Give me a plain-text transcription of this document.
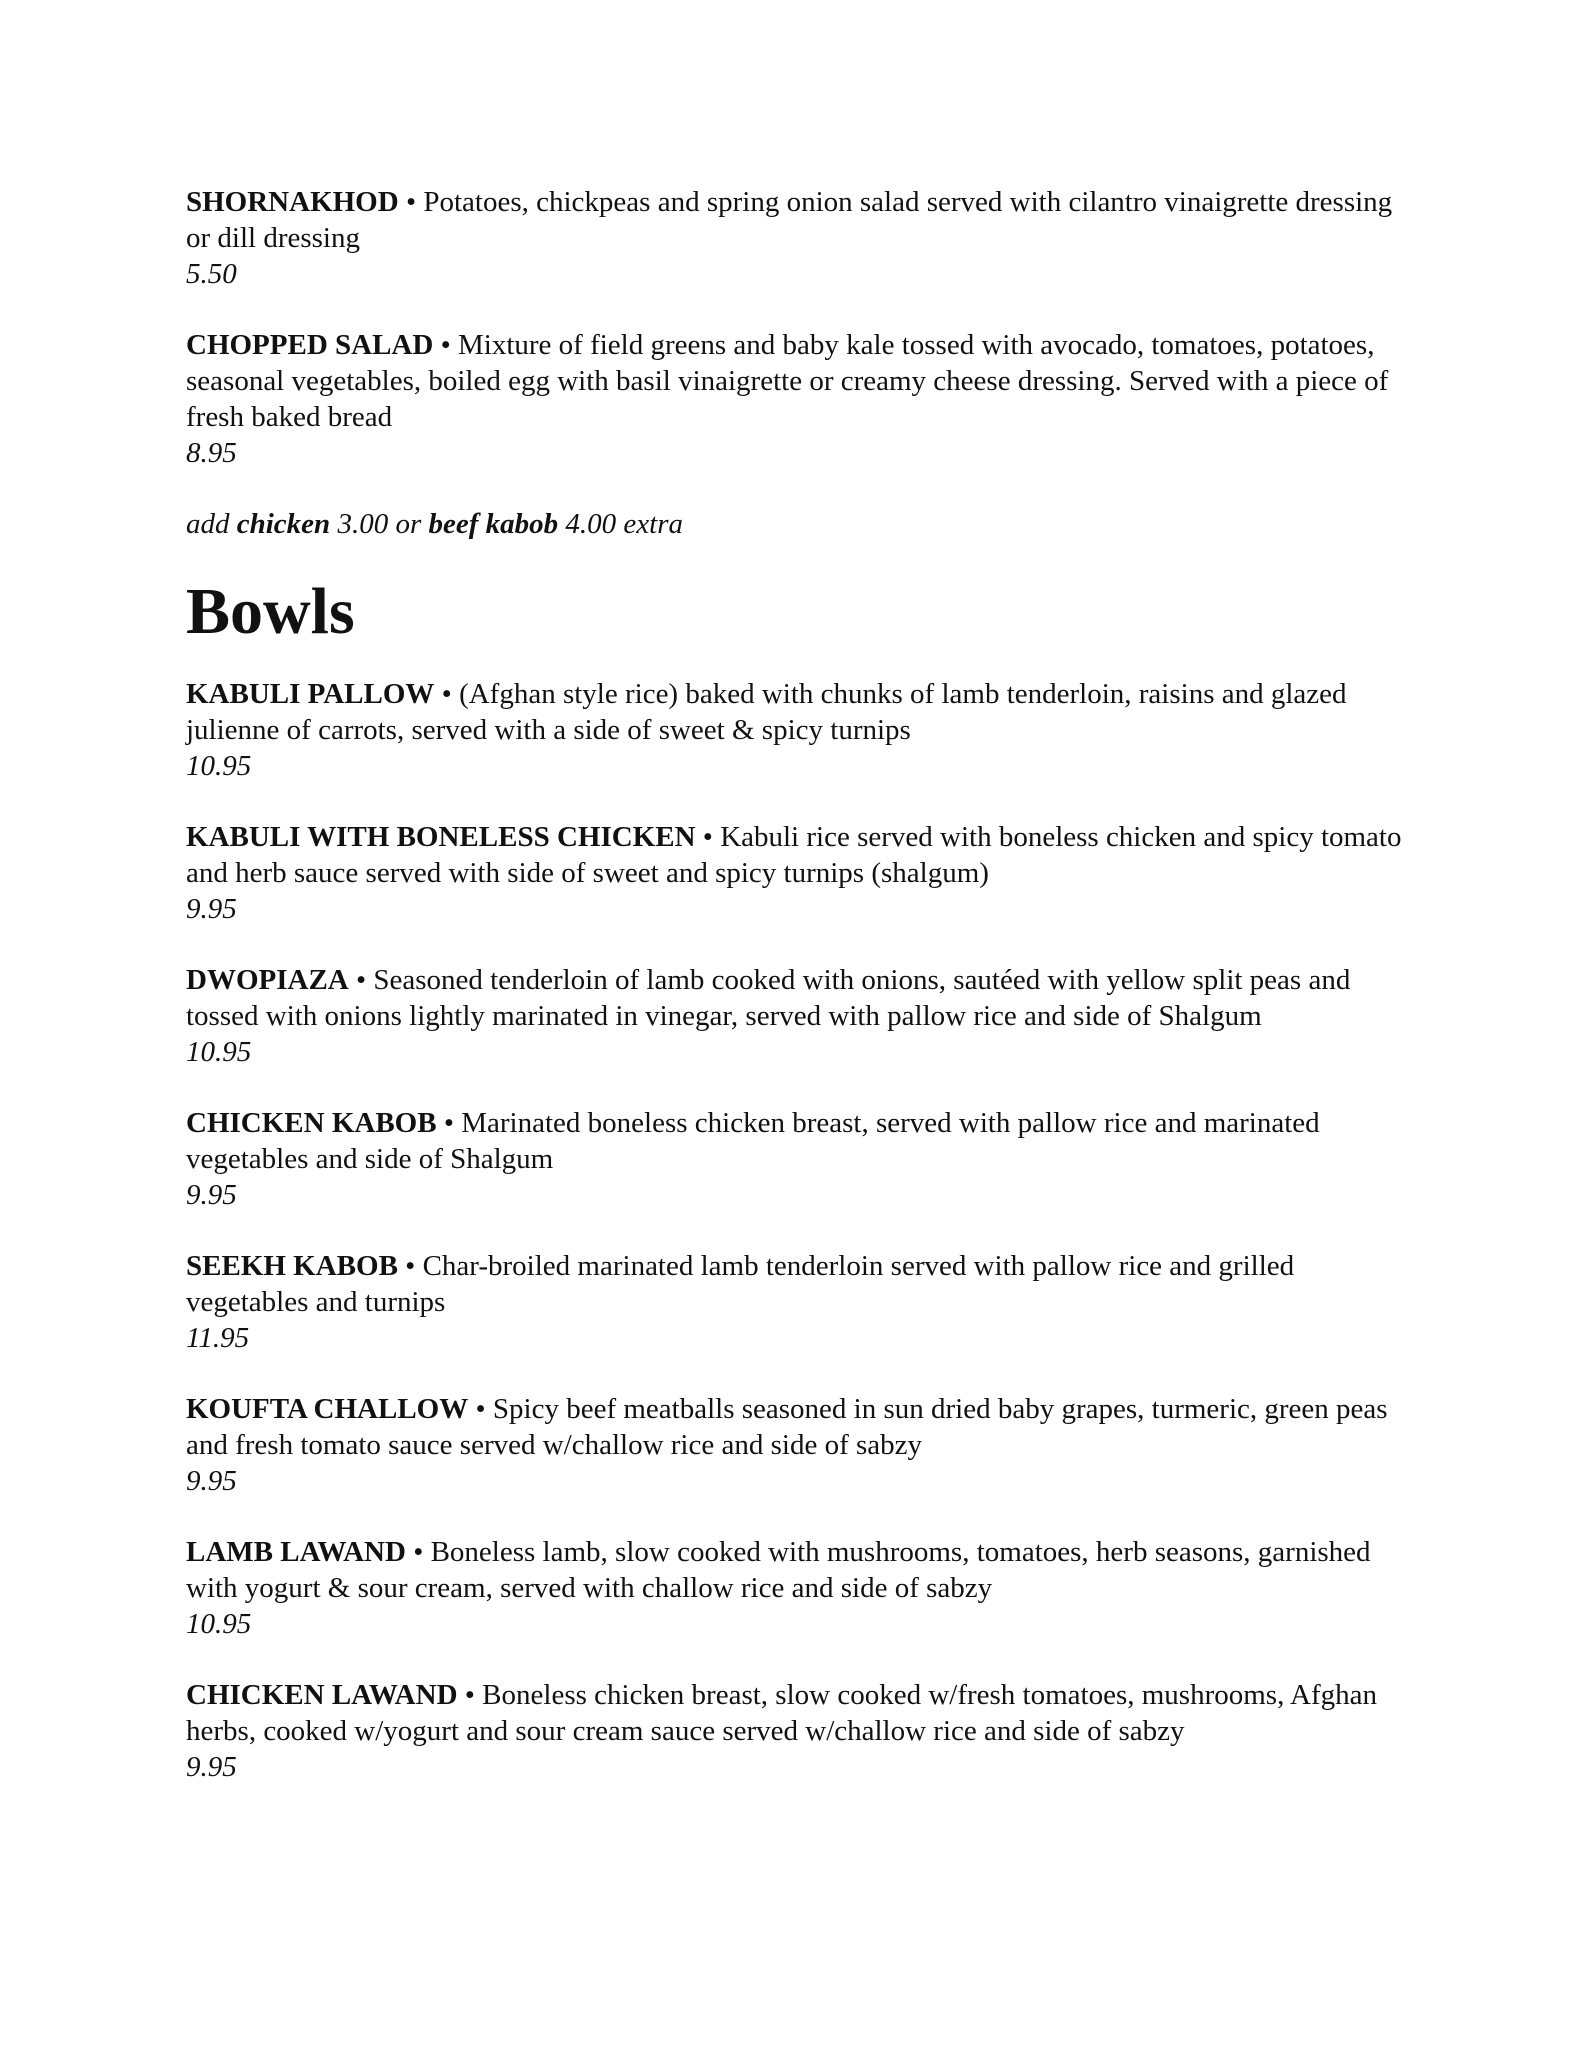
SHORNAKHOD • Potatoes, chickpeas and spring onion salad served with cilantro vinaigrette dressing or dill dressing
5.50
CHOPPED SALAD • Mixture of field greens and baby kale tossed with avocado, tomatoes, potatoes, seasonal vegetables, boiled egg with basil vinaigrette or creamy cheese dressing. Served with a piece of fresh baked bread
8.95
add chicken 3.00 or beef kabob 4.00 extra
Bowls
KABULI PALLOW • (Afghan style rice) baked with chunks of lamb tenderloin, raisins and glazed julienne of carrots, served with a side of sweet & spicy turnips
10.95
KABULI WITH BONELESS CHICKEN • Kabuli rice served with boneless chicken and spicy tomato and herb sauce served with side of sweet and spicy turnips (shalgum)
9.95
DWOPIAZA • Seasoned tenderloin of lamb cooked with onions, sautéed with yellow split peas and tossed with onions lightly marinated in vinegar, served with pallow rice and side of Shalgum
10.95
CHICKEN KABOB • Marinated boneless chicken breast, served with pallow rice and marinated vegetables and side of Shalgum
9.95
SEEKH KABOB • Char-broiled marinated lamb tenderloin served with pallow rice and grilled vegetables and turnips
11.95
KOUFTA CHALLOW • Spicy beef meatballs seasoned in sun dried baby grapes, turmeric, green peas and fresh tomato sauce served w/challow rice and side of sabzy
9.95
LAMB LAWAND • Boneless lamb, slow cooked with mushrooms, tomatoes, herb seasons, garnished with yogurt & sour cream, served with challow rice and side of sabzy
10.95
CHICKEN LAWAND • Boneless chicken breast, slow cooked w/fresh tomatoes, mushrooms, Afghan herbs, cooked w/yogurt and sour cream sauce served w/challow rice and side of sabzy
9.95
